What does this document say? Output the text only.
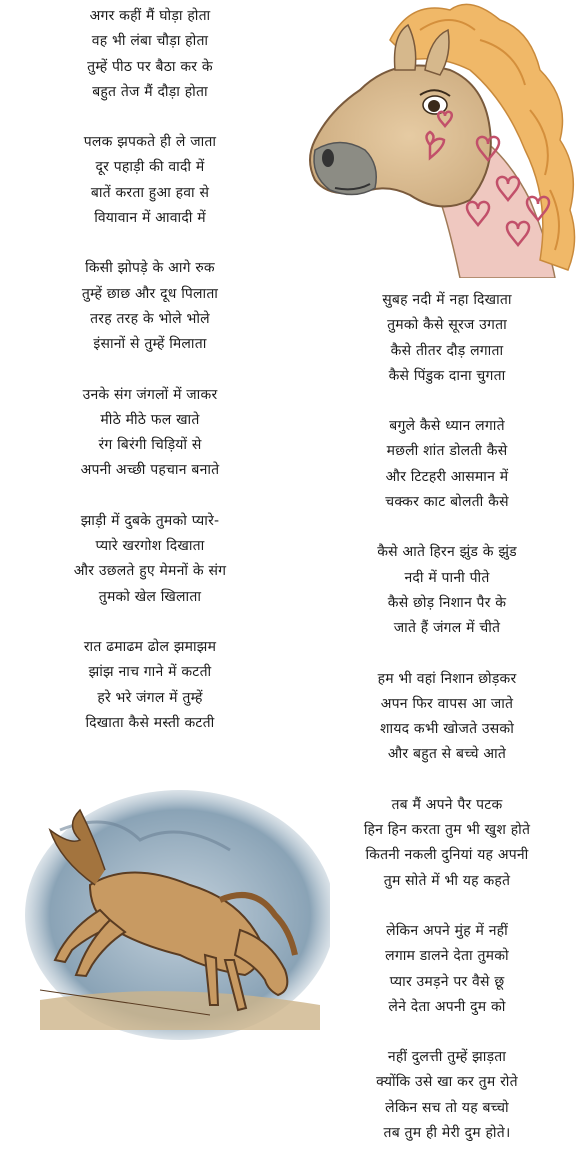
अगर कहीं मैं घोड़ा होता
वह भी लंबा चौड़ा होता
तुम्हें पीठ पर बैठा कर के
बहुत तेज मैं दौड़ा होता
पलक झपकते ही ले जाता
दूर पहाड़ी की वादी में
बातें करता हुआ हवा से
वियावान में आवादी में
किसी झोपड़े के आगे रुक
तुम्हें छाछ और दूध पिलाता
तरह तरह के भोले भोले
इंसानों से तुम्हें मिलाता
उनके संग जंगलों में जाकर
मीठे मीठे फल खाते
रंग बिरंगी चिड़ियों से
अपनी अच्छी पहचान बनाते
झाड़ी में दुबके तुमको प्यारे-
प्यारे खरगोश दिखाता
और उछलते हुए मेमनों के संग
तुमको खेल खिलाता
रात ढमाढम ढोल झमाझम
झांझ नाच गाने में कटती
हरे भरे जंगल में तुम्हें
दिखाता कैसे मस्ती कटती
सुबह नदी में नहा दिखाता
तुमको कैसे सूरज उगता
कैसे तीतर दौड़ लगाता
कैसे पिंडुक दाना चुगता
बगुले कैसे ध्यान लगाते
मछली शांत डोलती कैसे
और टिटहरी आसमान में
चक्कर काट बोलती कैसे
कैसे आते हिरन झुंड के झुंड
नदी में पानी पीते
कैसे छोड़ निशान पैर के
जाते हैं जंगल में चीते
हम भी वहां निशान छोड़कर
अपन फिर वापस आ जाते
शायद कभी खोजते उसको
और बहुत से बच्चे आते
तब मैं अपने पैर पटक
हिन हिन करता तुम भी खुश होते
कितनी नकली दुनियां यह अपनी
तुम सोते में भी यह कहते
लेकिन अपने मुंह में नहीं
लगाम डालने देता तुमको
प्यार उमड़ने पर वैसे छू
लेने देता अपनी दुम को
नहीं दुलत्ती तुम्हें झाड़ता
क्योंकि उसे खा कर तुम रोते
लेकिन सच तो यह बच्चो
तब तुम ही मेरी दुम होते।
